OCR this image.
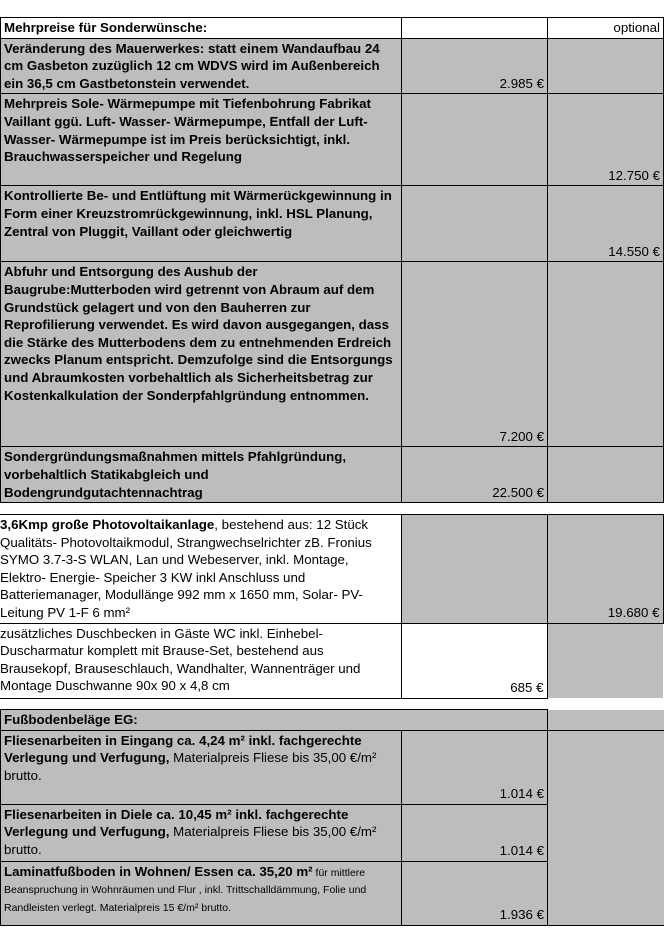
Mehrpreise für Sonderwünsche:		optional
Veränderung des Mauerwerkes: statt einem Wandaufbau 24 cm Gasbeton zuzüglich 12 cm WDVS wird im Außenbereich ein 36,5 cm Gastbetonstein verwendet.	2.985 €	
Mehrpreis Sole- Wärmepumpe mit Tiefenbohrung Fabrikat Vaillant ggü. Luft- Wasser- Wärmepumpe, Entfall der Luft- Wasser- Wärmepumpe ist im Preis berücksichtigt, inkl. Brauchwasserspeicher und Regelung		12.750 €
Kontrollierte Be- und Entlüftung mit Wärmerückgewinnung in Form einer Kreuzstromrückgewinnung, inkl. HSL Planung, Zentral von Pluggit, Vaillant oder gleichwertig		14.550 €
Abfuhr und Entsorgung des Aushub der Baugrube:Mutterboden wird getrennt von Abraum auf dem Grundstück gelagert und von den Bauherren zur Reprofilierung verwendet. Es wird davon ausgegangen, dass die Stärke des Mutterbodens dem zu entnehmenden Erdreich zwecks Planum entspricht. Demzufolge sind die Entsorgungs und Abraumkosten vorbehaltlich als Sicherheitsbetrag zur Kostenkalkulation der Sonderpfahlgründung entnommen.	7.200 €	
Sondergründungsmaßnahmen mittels Pfahlgründung, vorbehaltlich Statikabgleich und Bodengrundgutachtennachtrag	22.500 €	
3,6Kmp große Photovoltaikanlage, bestehend aus: 12 Stück Qualitäts- Photovoltaikmodul, Strangwechselrichter zB. Fronius SYMO 3.7-3-S WLAN, Lan und Webeserver, inkl. Montage, Elektro- Energie- Speicher 3 KW inkl Anschluss und Batteriemanager, Modullänge 992 mm x 1650 mm, Solar- PV- Leitung PV 1-F 6 mm²		19.680 €
zusätzliches Duschbecken in Gäste WC inkl. Einhebel- Duscharmatur komplett mit Brause-Set, bestehend aus Brausekopf, Brauseschlauch, Wandhalter, Wannenträger und Montage Duschwanne 90x 90 x 4,8 cm	685 €	
Fußbodenbeläge EG:		
Fliesenarbeiten in Eingang ca. 4,24 m² inkl. fachgerechte Verlegung und Verfugung, Materialpreis Fliese bis 35,00 €/m² brutto.	1.014 €	
Fliesenarbeiten in Diele ca. 10,45 m² inkl. fachgerechte Verlegung und Verfugung, Materialpreis Fliese bis 35,00 €/m² brutto.	1.014 €	
Laminatfußboden in Wohnen/ Essen ca. 35,20 m² für mittlere Beanspruchung in Wohnräumen und Flur , inkl. Trittschalldämmung, Folie und Randleisten verlegt. Materialpreis 15 €/m² brutto.	1.936 €	
